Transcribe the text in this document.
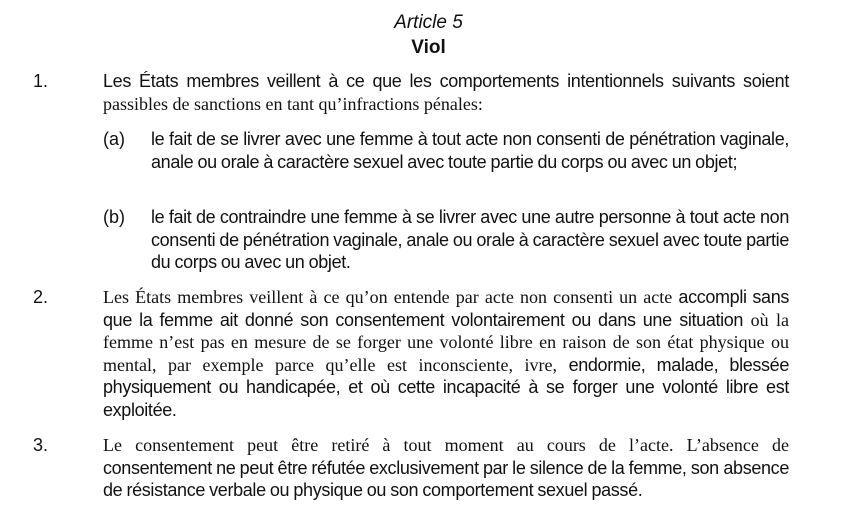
Article 5
Viol
1.	Les États membres veillent à ce que les comportements intentionnels suivants soient passibles de sanctions en tant qu’infractions pénales:
(a) le fait de se livrer avec une femme à tout acte non consenti de pénétration vaginale, anale ou orale à caractère sexuel avec toute partie du corps ou avec un objet;
(b) le fait de contraindre une femme à se livrer avec une autre personne à tout acte non consenti de pénétration vaginale, anale ou orale à caractère sexuel avec toute partie du corps ou avec un objet.
2.	Les États membres veillent à ce qu’on entende par acte non consenti un acte accompli sans que la femme ait donné son consentement volontairement ou dans une situation où la femme n’est pas en mesure de se forger une volonté libre en raison de son état physique ou mental, par exemple parce qu’elle est inconsciente, ivre, endormie, malade, blessée physiquement ou handicapée, et où cette incapacité à se forger une volonté libre est exploitée.
3.	Le consentement peut être retiré à tout moment au cours de l’acte. L’absence de consentement ne peut être réfutée exclusivement par le silence de la femme, son absence de résistance verbale ou physique ou son comportement sexuel passé.
